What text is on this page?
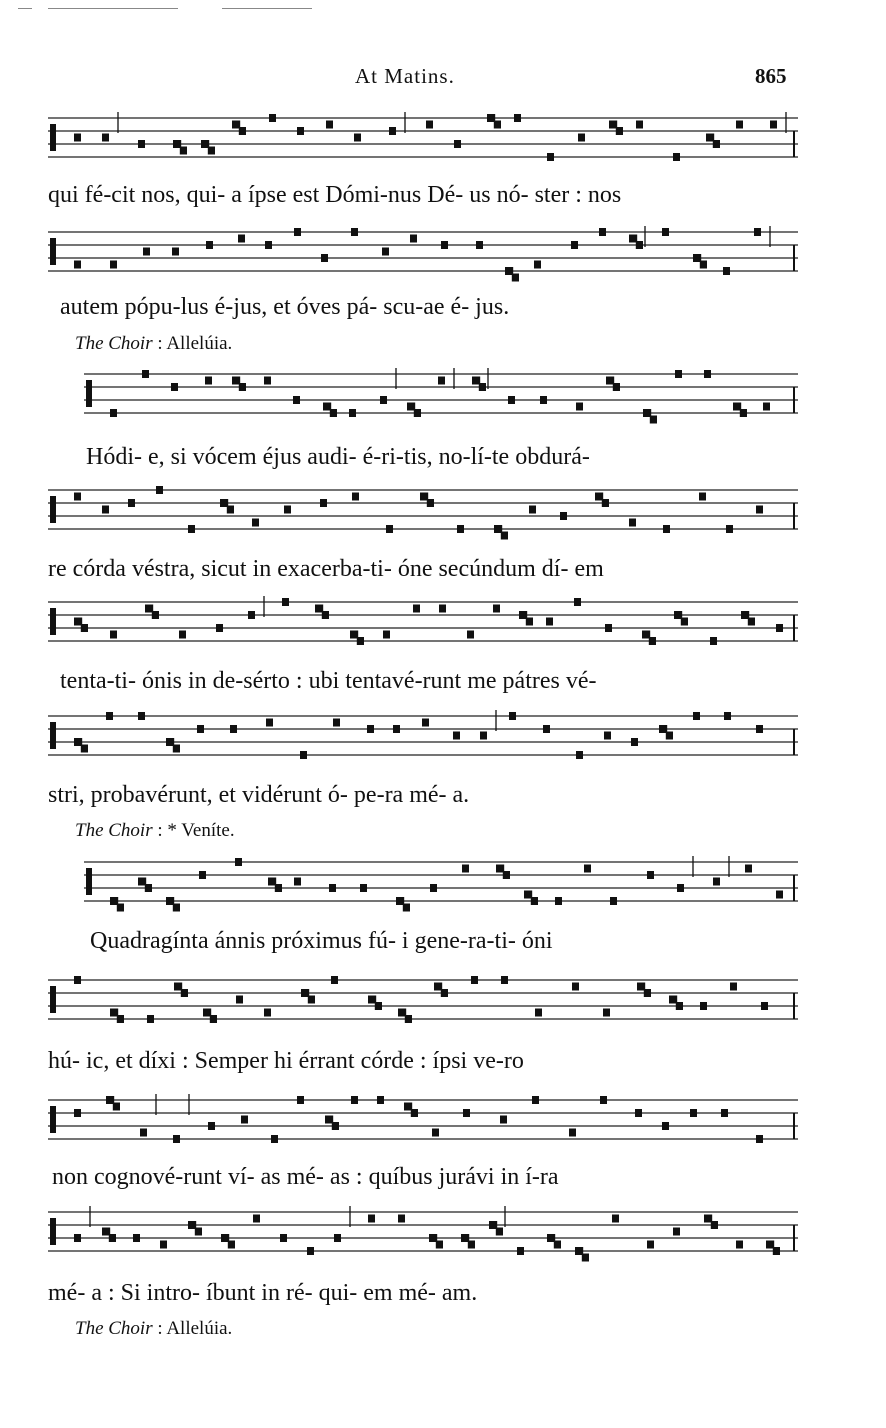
At Matins.	865
qui fé-cit nos, qui- a ípse est Dómi-nus Dé- us nó- ster : nos
autem pópu-lus é-jus, et óves pá- scu-ae é- jus.
The Choir : Allelúia.
Hódi- e, si vócem éjus audi- é-ri-tis, no-lí-te obdurá-
re córda véstra, sicut in exacerba-ti- óne secúndum dí- em
tenta-ti- ónis in de-sérto : ubi tentavé-runt me pátres vé-
stri, probavérunt, et vidérunt ó- pe-ra mé- a.
The Choir : * Veníte.
Quadragínta ánnis próximus fú- i gene-ra-ti- óni
hú- ic, et díxi : Semper hi érrant córde : ípsi ve-ro
non cognové-runt ví- as mé- as : quíbus jurávi in í-ra
mé- a : Si intro- íbunt in ré- qui- em mé- am.
The Choir : Allelúia.
